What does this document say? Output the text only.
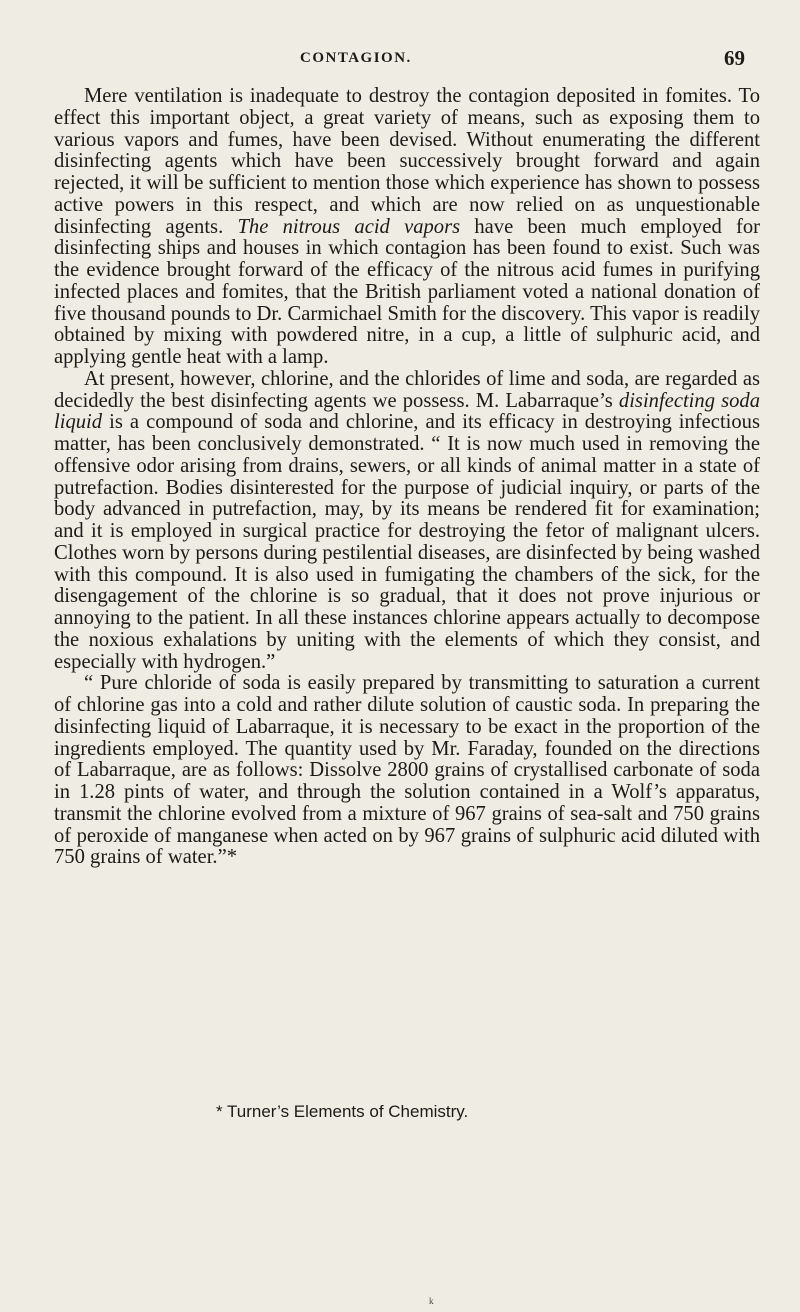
CONTAGION.	69

Mere ventilation is inadequate to destroy the contagion deposited in fomites. To effect this important object, a great variety of means, such as exposing them to various vapors and fumes, have been devised. Without enumerating the different disinfecting agents which have been successively brought forward and again rejected, it will be sufficient to mention those which experience has shown to possess active powers in this respect, and which are now relied on as unquestionable disinfecting agents. The nitrous acid vapors have been much employed for disinfecting ships and houses in which contagion has been found to exist. Such was the evidence brought forward of the efficacy of the nitrous acid fumes in purifying infected places and fomites, that the British parliament voted a national donation of five thousand pounds to Dr. Carmichael Smith for the discovery. This vapor is readily obtained by mixing with powdered nitre, in a cup, a little of sulphuric acid, and applying gentle heat with a lamp.

At present, however, chlorine, and the chlorides of lime and soda, are regarded as decidedly the best disinfecting agents we possess. M. Labarraque’s disinfecting soda liquid is a compound of soda and chlorine, and its efficacy in destroying infectious matter, has been conclusively demonstrated. “ It is now much used in removing the offensive odor arising from drains, sewers, or all kinds of animal matter in a state of putrefaction. Bodies disinterested for the purpose of judicial inquiry, or parts of the body advanced in putrefaction, may, by its means be rendered fit for examination; and it is employed in surgical practice for destroying the fetor of malignant ulcers. Clothes worn by persons during pestilential diseases, are disinfected by being washed with this compound. It is also used in fumigating the chambers of the sick, for the disengagement of the chlorine is so gradual, that it does not prove injurious or annoying to the patient. In all these instances chlorine appears actually to decompose the noxious exhalations by uniting with the elements of which they consist, and especially with hydrogen.”

“ Pure chloride of soda is easily prepared by transmitting to saturation a current of chlorine gas into a cold and rather dilute solution of caustic soda. In preparing the disinfecting liquid of Labarraque, it is necessary to be exact in the proportion of the ingredients employed. The quantity used by Mr. Faraday, founded on the directions of Labarraque, are as follows: Dissolve 2800 grains of crystallised carbonate of soda in 1.28 pints of water, and through the solution contained in a Wolf’s apparatus, transmit the chlorine evolved from a mixture of 967 grains of sea-salt and 750 grains of peroxide of manganese when acted on by 967 grains of sulphuric acid diluted with 750 grains of water.”*

* Turner’s Elements of Chemistry.
k
